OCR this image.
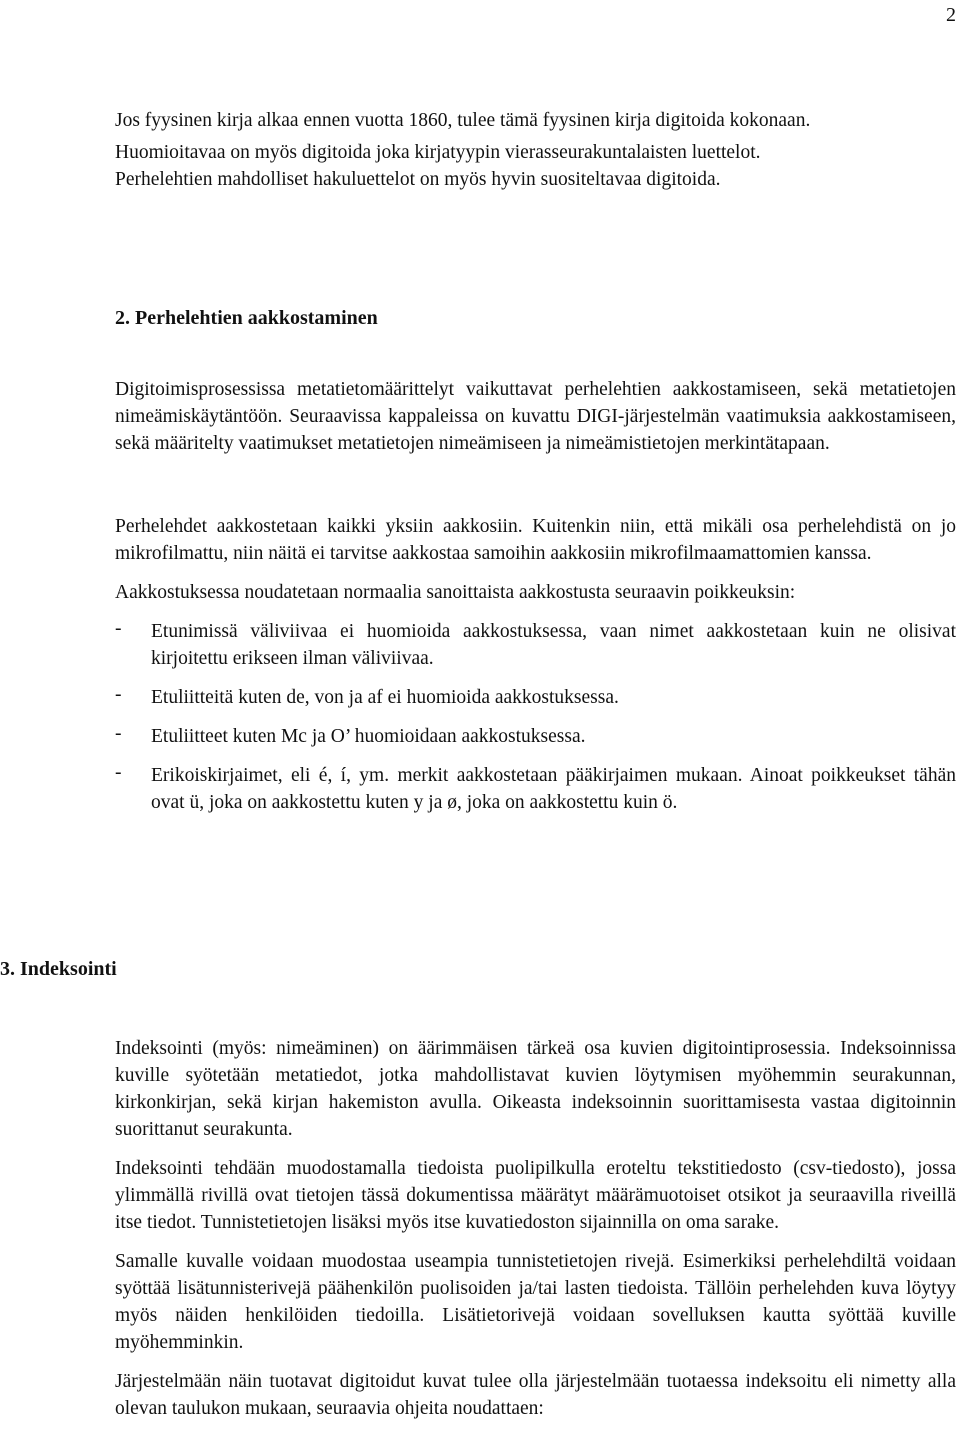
2

Jos fyysinen kirja alkaa ennen vuotta 1860, tulee tämä fyysinen kirja digitoida kokonaan.

Huomioitavaa on myös digitoida joka kirjatyypin vierasseurakuntalaisten luettelot.

Perhelehtien mahdolliset hakuluettelot on myös hyvin suositeltavaa digitoida.

2. Perhelehtien aakkostaminen

Digitoimisprosessissa metatietomäärittelyt vaikuttavat perhelehtien aakkostamiseen, sekä metatietojen nimeämiskäytäntöön. Seuraavissa kappaleissa on kuvattu DIGI-järjestelmän vaatimuksia aakkostamiseen, sekä määritelty vaatimukset metatietojen nimeämiseen ja nimeämistietojen merkintätapaan.

Perhelehdet aakkostetaan kaikki yksiin aakkosiin. Kuitenkin niin, että mikäli osa perhelehdistä on jo mikrofilmattu, niin näitä ei tarvitse aakkostaa samoihin aakkosiin mikrofilmaamattomien kanssa.

Aakkostuksessa noudatetaan normaalia sanoittaista aakkostusta seuraavin poikkeuksin:

- Etunimissä väliviivaa ei huomioida aakkostuksessa, vaan nimet aakkostetaan kuin ne olisivat kirjoitettu erikseen ilman väliviivaa.

- Etuliitteitä kuten de, von ja af ei huomioida aakkostuksessa.

- Etuliitteet kuten Mc ja O’ huomioidaan aakkostuksessa.

- Erikoiskirjaimet, eli é, í, ym. merkit aakkostetaan pääkirjaimen mukaan. Ainoat poikkeukset tähän ovat ü, joka on aakkostettu kuten y ja ø, joka on aakkostettu kuin ö.

3. Indeksointi

Indeksointi (myös: nimeäminen) on äärimmäisen tärkeä osa kuvien digitointiprosessia. Indeksoinnissa kuville syötetään metatiedot, jotka mahdollistavat kuvien löytymisen myöhemmin seurakunnan, kirkonkirjan, sekä kirjan hakemiston avulla. Oikeasta indeksoinnin suorittamisesta vastaa digitoinnin suorittanut seurakunta.

Indeksointi tehdään muodostamalla tiedoista puolipilkulla eroteltu tekstitiedosto (csv-tiedosto), jossa ylimmällä rivillä ovat tietojen tässä dokumentissa määrätyt määrämuotoiset otsikot ja seuraavilla riveillä itse tiedot. Tunnistetietojen lisäksi myös itse kuvatiedoston sijainnilla on oma sarake.

Samalle kuvalle voidaan muodostaa useampia tunnistetietojen rivejä. Esimerkiksi perhelehdiltä voidaan syöttää lisätunnisterivejä päähenkilön puolisoiden ja/tai lasten tiedoista. Tällöin perhelehden kuva löytyy myös näiden henkilöiden tiedoilla. Lisätietorivejä voidaan sovelluksen kautta syöttää kuville myöhemminkin.

Järjestelmään näin tuotavat digitoidut kuvat tulee olla järjestelmään tuotaessa indeksoitu eli nimetty alla olevan taulukon mukaan, seuraavia ohjeita noudattaen:
